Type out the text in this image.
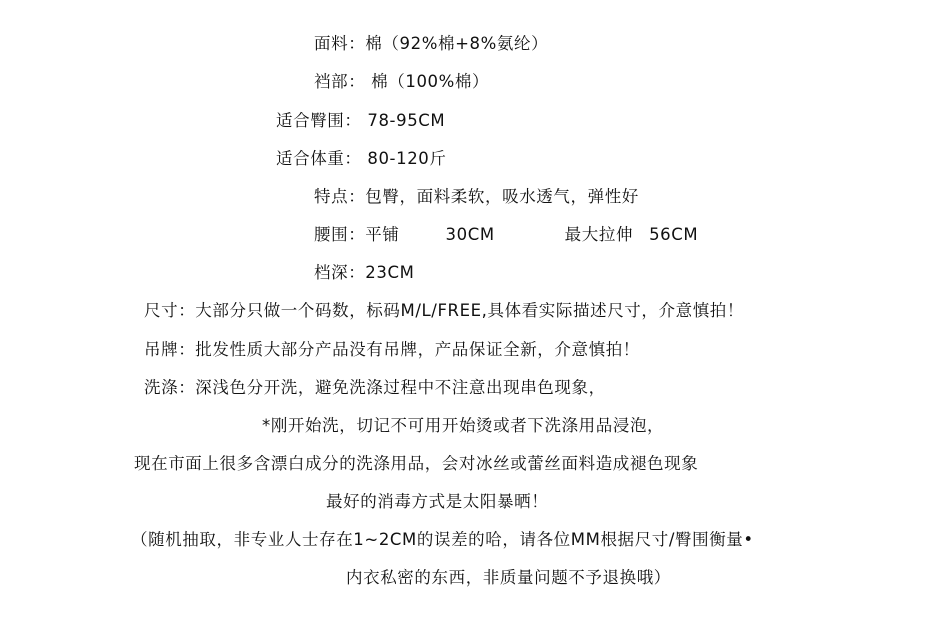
面料：棉（92%棉+8%氨纶）
裆部： 棉（100%棉）
适合臀围： 78-95CM
适合体重： 80-120斤
特点：包臀，面料柔软，吸水透气，弹性好
腰围：平铺	30CM	最大拉伸 56CM
档深：23CM
尺寸：大部分只做一个码数，标码M/L/FREE,具体看实际描述尺寸，介意慎拍！
吊牌：批发性质大部分产品没有吊牌，产品保证全新，介意慎拍！
洗涤：深浅色分开洗，避免洗涤过程中不注意出现串色现象，
*刚开始洗，切记不可用开始烫或者下洗涤用品浸泡，
现在市面上很多含漂白成分的洗涤用品，会对冰丝或蕾丝面料造成褪色现象
最好的消毒方式是太阳暴晒！
（随机抽取，非专业人士存在1~2CM的误差的哈，请各位MM根据尺寸/臀围衡量•
内衣私密的东西，非质量问题不予退换哦）
